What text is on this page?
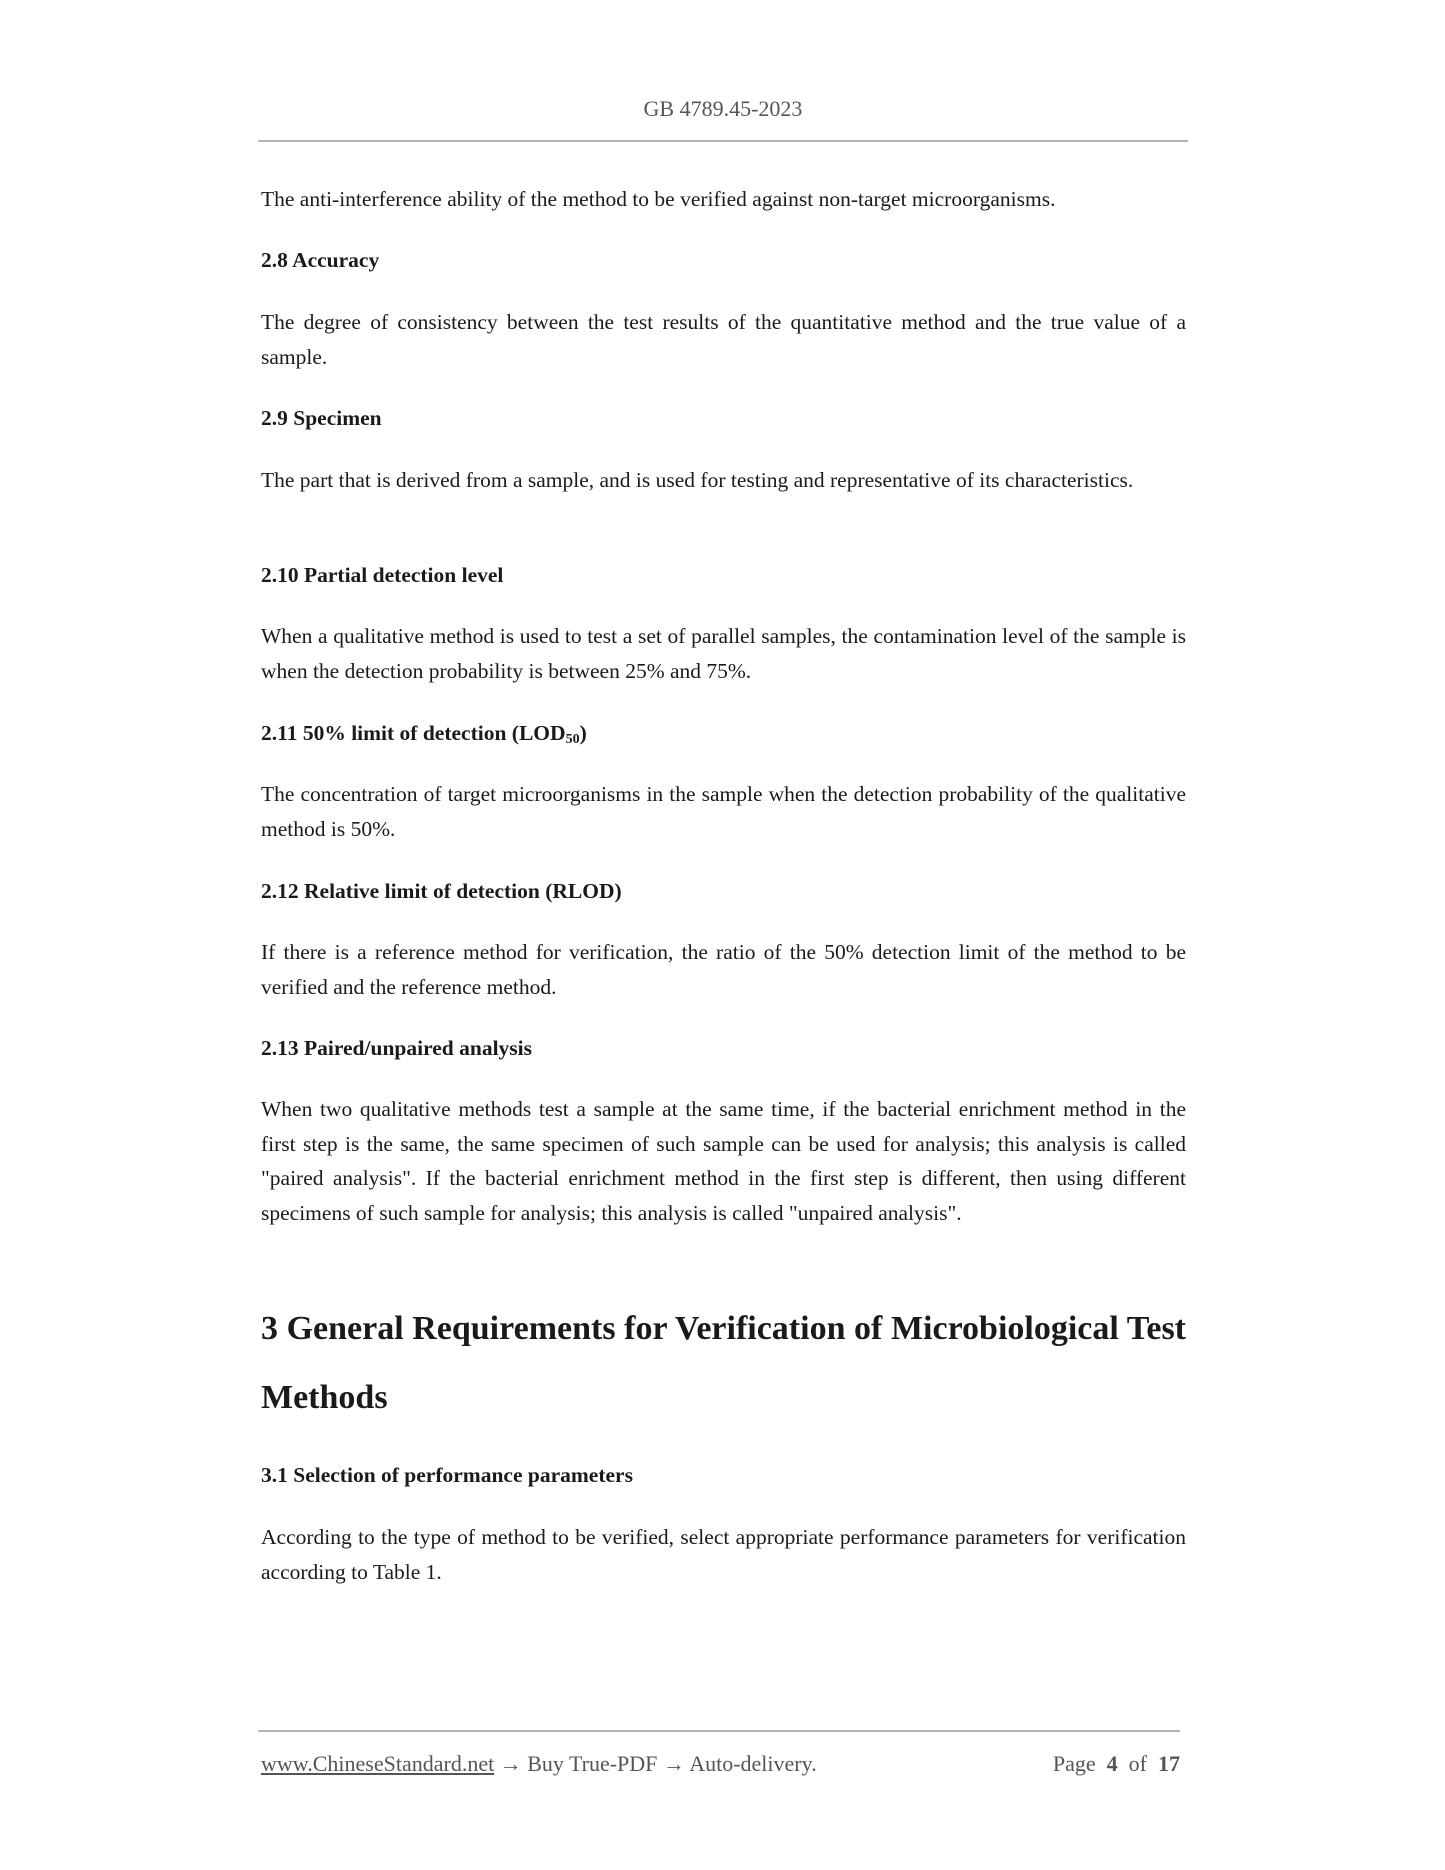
GB 4789.45-2023
The anti-interference ability of the method to be verified against non-target microorganisms.
2.8 Accuracy
The degree of consistency between the test results of the quantitative method and the true value of a sample.
2.9 Specimen
The part that is derived from a sample, and is used for testing and representative of its characteristics.
2.10 Partial detection level
When a qualitative method is used to test a set of parallel samples, the contamination level of the sample is when the detection probability is between 25% and 75%.
2.11 50% limit of detection $(LOD_{50})$
The concentration of target microorganisms in the sample when the detection probability of the qualitative method is 50%.
2.12 Relative limit of detection (RLOD)
If there is a reference method for verification, the ratio of the 50% detection limit of the method to be verified and the reference method.
2.13 Paired/unpaired analysis
When two qualitative methods test a sample at the same time, if the bacterial enrichment method in the first step is the same, the same specimen of such sample can be used for analysis; this analysis is called "paired analysis". If the bacterial enrichment method in the first step is different, then using different specimens of such sample for analysis; this analysis is called "unpaired analysis".
3 General Requirements for Verification of Microbiological Test Methods
3.1 Selection of performance parameters
According to the type of method to be verified, select appropriate performance parameters for verification according to Table 1.
www.ChineseStandard.net → Buy True-PDF → Auto-delivery.	Page 4 of 17
